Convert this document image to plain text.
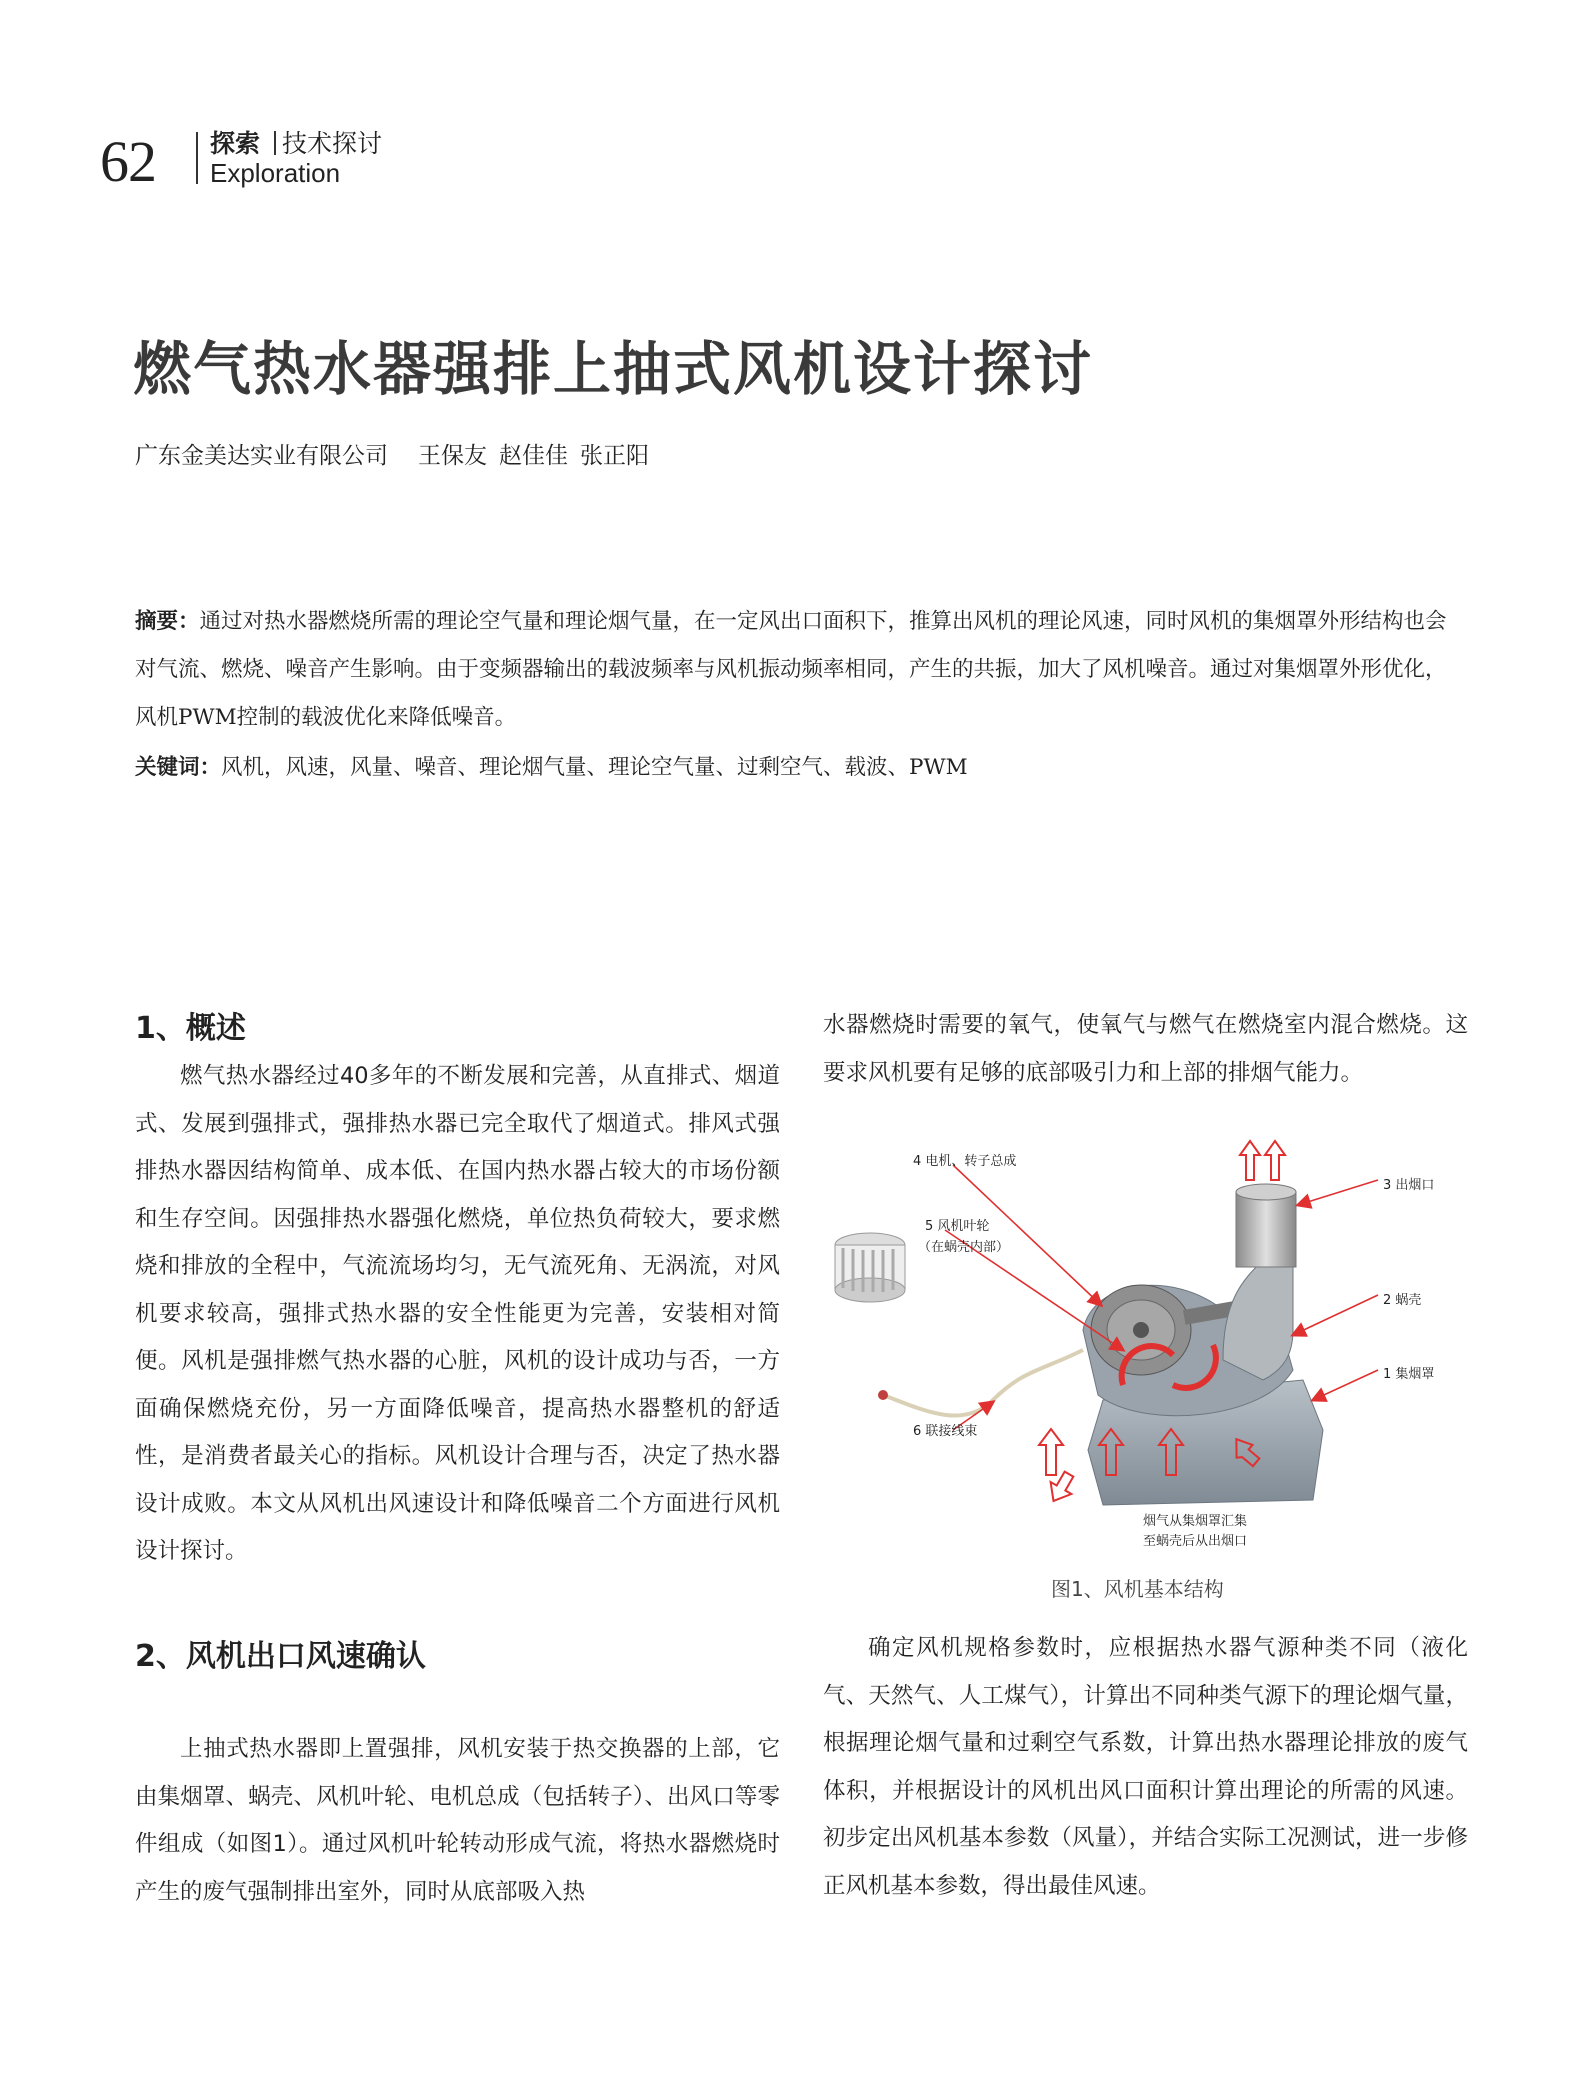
62 探索 技术探讨
Exploration
燃气热水器强排上抽式风机设计探讨
广东金美达实业有限公司 王保友 赵佳佳 张正阳
摘要：通过对热水器燃烧所需的理论空气量和理论烟气量，在一定风出口面积下，推算出风机的理论风速，同时风机的集烟罩外形结构也会对气流、燃烧、噪音产生影响。由于变频器输出的载波频率与风机振动频率相同，产生的共振，加大了风机噪音。通过对集烟罩外形优化，风机PWM控制的载波优化来降低噪音。
关键词：风机，风速，风量、噪音、理论烟气量、理论空气量、过剩空气、载波、PWM
1、概述

燃气热水器经过40多年的不断发展和完善，从直排式、烟道式、发展到强排式，强排热水器已完全取代了烟道式。排风式强排热水器因结构简单、成本低、在国内热水器占较大的市场份额和生存空间。因强排热水器强化燃烧，单位热负荷较大，要求燃烧和排放的全程中，气流流场均匀，无气流死角、无涡流，对风机要求较高，强排式热水器的安全性能更为完善，安装相对简便。风机是强排燃气热水器的心脏，风机的设计成功与否，一方面确保燃烧充份，另一方面降低噪音，提高热水器整机的舒适性，是消费者最关心的指标。风机设计合理与否，决定了热水器设计成败。本文从风机出风速设计和降低噪音二个方面进行风机设计探讨。

2、风机出口风速确认

上抽式热水器即上置强排，风机安装于热交换器的上部，它由集烟罩、蜗壳、风机叶轮、电机总成（包括转子）、出风口等零件组成（如图1）。通过风机叶轮转动形成气流，将热水器燃烧时产生的废气强制排出室外，同时从底部吸入热

水器燃烧时需要的氧气，使氧气与燃气在燃烧室内混合燃烧。这要求风机要有足够的底部吸引力和上部的排烟气能力。

4 电机、转子总成
5 风机叶轮
（在蜗壳内部）
3 出烟口
2 蜗壳
1 集烟罩
6 联接线束
烟气从集烟罩汇集
至蜗壳后从出烟口
图1、风机基本结构

确定风机规格参数时，应根据热水器气源种类不同（液化气、天然气、人工煤气），计算出不同种类气源下的理论烟气量，根据理论烟气量和过剩空气系数，计算出热水器理论排放的废气体积，并根据设计的风机出风口面积计算出理论的所需的风速。初步定出风机基本参数（风量），并结合实际工况测试，进一步修正风机基本参数，得出最佳风速。
